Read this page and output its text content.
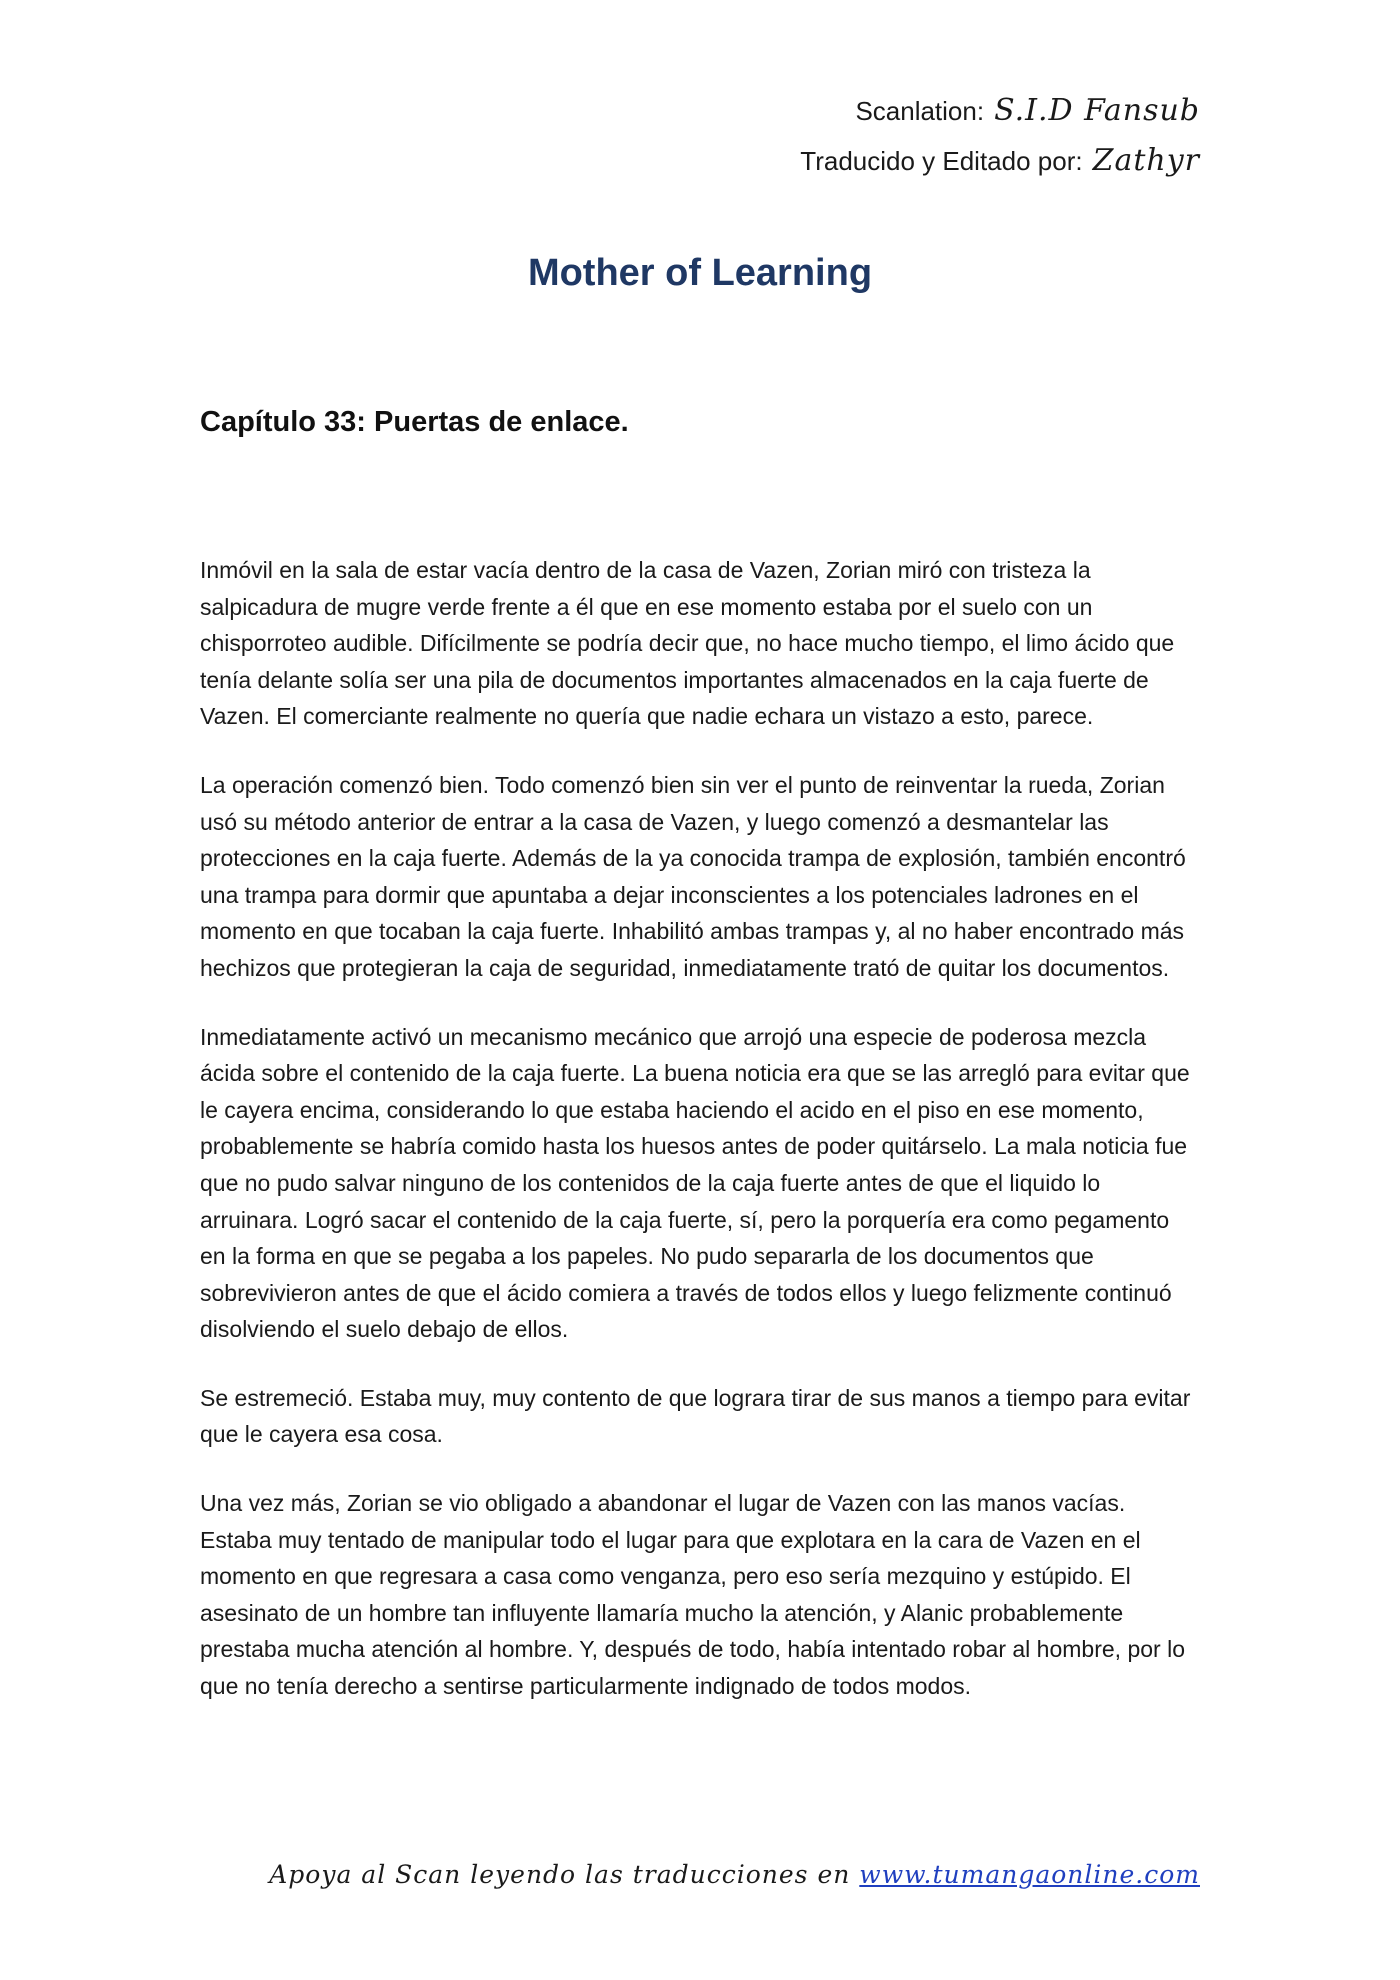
Scanlation: S.I.D Fansub
Traducido y Editado por: Zathyr
Mother of Learning
Capítulo 33: Puertas de enlace.

Inmóvil en la sala de estar vacía dentro de la casa de Vazen, Zorian miró con tristeza la salpicadura de mugre verde frente a él que en ese momento estaba por el suelo con un chisporroteo audible. Difícilmente se podría decir que, no hace mucho tiempo, el limo ácido que tenía delante solía ser una pila de documentos importantes almacenados en la caja fuerte de Vazen. El comerciante realmente no quería que nadie echara un vistazo a esto, parece.

La operación comenzó bien. Todo comenzó bien sin ver el punto de reinventar la rueda, Zorian usó su método anterior de entrar a la casa de Vazen, y luego comenzó a desmantelar las protecciones en la caja fuerte. Además de la ya conocida trampa de explosión, también encontró una trampa para dormir que apuntaba a dejar inconscientes a los potenciales ladrones en el momento en que tocaban la caja fuerte. Inhabilitó ambas trampas y, al no haber encontrado más hechizos que protegieran la caja de seguridad, inmediatamente trató de quitar los documentos.

Inmediatamente activó un mecanismo mecánico que arrojó una especie de poderosa mezcla ácida sobre el contenido de la caja fuerte. La buena noticia era que se las arregló para evitar que le cayera encima, considerando lo que estaba haciendo el acido en el piso en ese momento, probablemente se habría comido hasta los huesos antes de poder quitárselo. La mala noticia fue que no pudo salvar ninguno de los contenidos de la caja fuerte antes de que el liquido lo arruinara. Logró sacar el contenido de la caja fuerte, sí, pero la porquería era como pegamento en la forma en que se pegaba a los papeles. No pudo separarla de los documentos que sobrevivieron antes de que el ácido comiera a través de todos ellos y luego felizmente continuó disolviendo el suelo debajo de ellos.

Se estremeció. Estaba muy, muy contento de que lograra tirar de sus manos a tiempo para evitar que le cayera esa cosa.

Una vez más, Zorian se vio obligado a abandonar el lugar de Vazen con las manos vacías. Estaba muy tentado de manipular todo el lugar para que explotara en la cara de Vazen en el momento en que regresara a casa como venganza, pero eso sería mezquino y estúpido. El asesinato de un hombre tan influyente llamaría mucho la atención, y Alanic probablemente prestaba mucha atención al hombre. Y, después de todo, había intentado robar al hombre, por lo que no tenía derecho a sentirse particularmente indignado de todos modos.

Apoya al Scan leyendo las traducciones en www.tumangaonline.com
